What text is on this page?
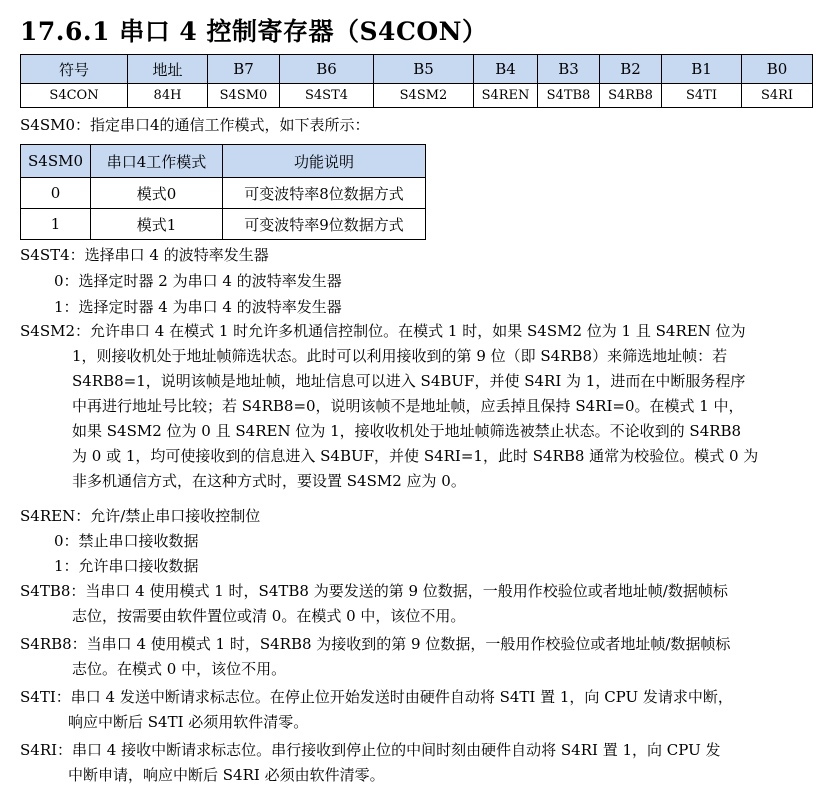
17.6.1 串口 4 控制寄存器（S4CON）
符号	地址	B7	B6	B5	B4	B3	B2	B1	B0
S4CON	84H	S4SM0	S4ST4	S4SM2	S4REN	S4TB8	S4RB8	S4TI	S4RI
S4SM0：指定串口4的通信工作模式，如下表所示：
S4SM0	串口4工作模式	功能说明
0	模式0	可变波特率8位数据方式
1	模式1	可变波特率9位数据方式
S4ST4：选择串口 4 的波特率发生器
0：选择定时器 2 为串口 4 的波特率发生器
1：选择定时器 4 为串口 4 的波特率发生器
S4SM2：允许串口 4 在模式 1 时允许多机通信控制位。在模式 1 时，如果 S4SM2 位为 1 且 S4REN 位为
1，则接收机处于地址帧筛选状态。此时可以利用接收到的第 9 位（即 S4RB8）来筛选地址帧：若
S4RB8=1，说明该帧是地址帧，地址信息可以进入 S4BUF，并使 S4RI 为 1，进而在中断服务程序
中再进行地址号比较；若 S4RB8=0，说明该帧不是地址帧，应丢掉且保持 S4RI=0。在模式 1 中，
如果 S4SM2 位为 0 且 S4REN 位为 1，接收收机处于地址帧筛选被禁止状态。不论收到的 S4RB8
为 0 或 1，均可使接收到的信息进入 S4BUF，并使 S4RI=1，此时 S4RB8 通常为校验位。模式 0 为
非多机通信方式，在这种方式时，要设置 S4SM2 应为 0。
S4REN：允许/禁止串口接收控制位
0：禁止串口接收数据
1：允许串口接收数据
S4TB8：当串口 4 使用模式 1 时，S4TB8 为要发送的第 9 位数据，一般用作校验位或者地址帧/数据帧标
志位，按需要由软件置位或清 0。在模式 0 中，该位不用。
S4RB8：当串口 4 使用模式 1 时，S4RB8 为接收到的第 9 位数据，一般用作校验位或者地址帧/数据帧标
志位。在模式 0 中，该位不用。
S4TI：串口 4 发送中断请求标志位。在停止位开始发送时由硬件自动将 S4TI 置 1，向 CPU 发请求中断，
响应中断后 S4TI 必须用软件清零。
S4RI：串口 4 接收中断请求标志位。串行接收到停止位的中间时刻由硬件自动将 S4RI 置 1，向 CPU 发
中断申请，响应中断后 S4RI 必须由软件清零。
